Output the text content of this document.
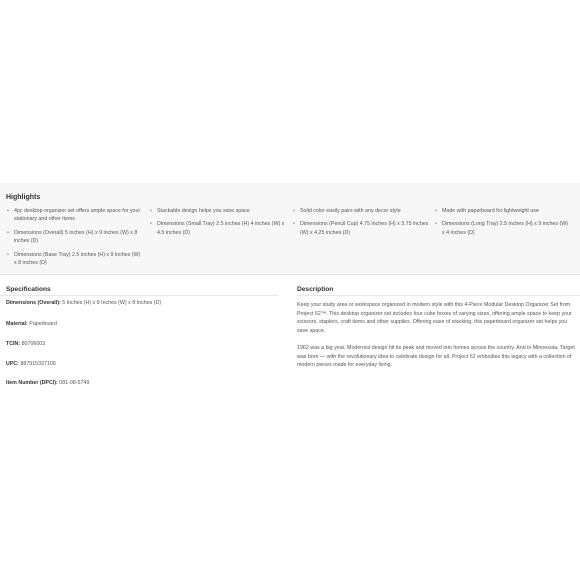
Highlights
• 4pc desktop organizer set offers ample space for your stationary and other items
• Dimensions (Overall) 5 inches (H) x 9 inches (W) x 8 inches (D)
• Dimensions (Base Tray) 2.5 inches (H) x 9 inches (W) x 8 inches (D)
• Stackable design helps you save space
• Dimensions (Small Tray) 2.5 inches (H) 4 inches (W) x 4.5 inches (D)
• Solid color easily pairs with any decor style
• Dimensions (Pencil Cup) 4.75 inches (H) x 3.75 inches (W) x 4.25 inches (D)
• Made with paperboard for lightweight use
• Dimensions (Long Tray) 2.5 inches (H) x 9 inches (W) x 4 inches (D)
Specifications
Dimensions (Overall): 5 Inches (H) x 9 Inches (W) x 8 Inches (D)
Material: Paperboard
TCIN: 80706003
UPC: 887915337106
Item Number (DPCI): 081-08-5749
Description
Keep your study area or workspace organized in modern style with this 4-Piece Modular Desktop Organizer Set from Project 62™. This desktop organizer set includes four cube boxes of varying sizes, offering ample space to keep your scissors, staplers, craft items and other supplies. Offering ease of stacking, this paperboard organizer set helps you save space.
1962 was a big year. Modernist design hit its peak and moved into homes across the country. And in Minnesota, Target was born — with the revolutionary idea to celebrate design for all. Project 62 embodies this legacy with a collection of modern pieces made for everyday living.
